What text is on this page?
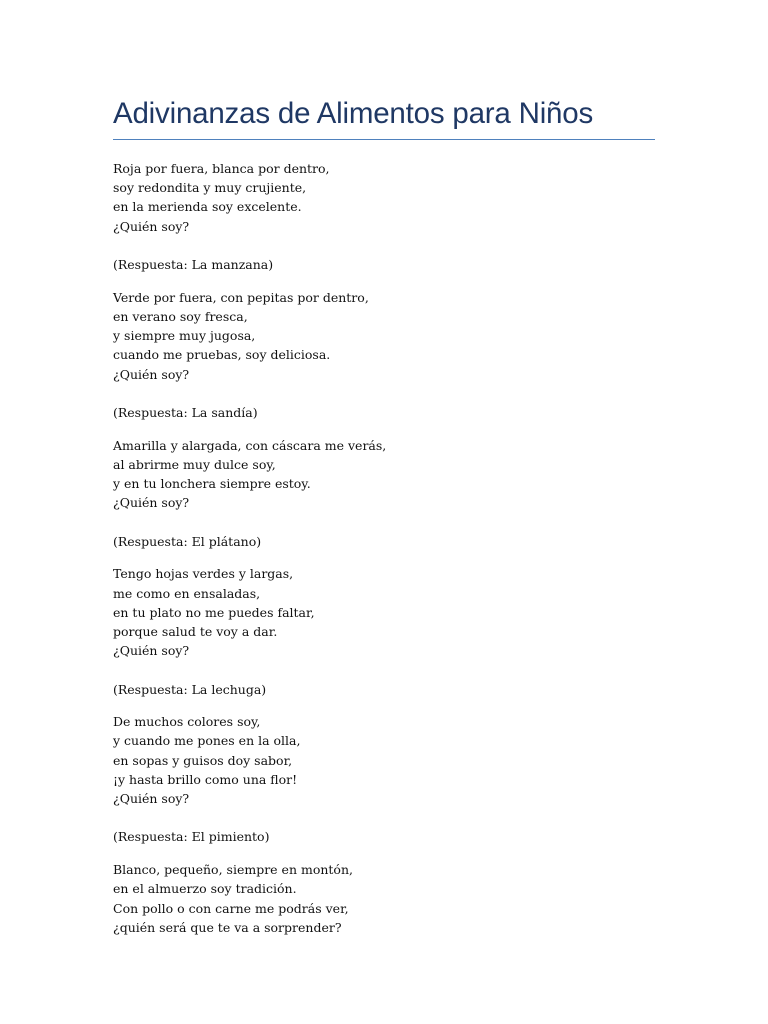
Adivinanzas de Alimentos para Niños
Roja por fuera, blanca por dentro,
soy redondita y muy crujiente,
en la merienda soy excelente.
¿Quién soy?
(Respuesta: La manzana)
Verde por fuera, con pepitas por dentro,
en verano soy fresca,
y siempre muy jugosa,
cuando me pruebas, soy deliciosa.
¿Quién soy?
(Respuesta: La sandía)
Amarilla y alargada, con cáscara me verás,
al abrirme muy dulce soy,
y en tu lonchera siempre estoy.
¿Quién soy?
(Respuesta: El plátano)
Tengo hojas verdes y largas,
me como en ensaladas,
en tu plato no me puedes faltar,
porque salud te voy a dar.
¿Quién soy?
(Respuesta: La lechuga)
De muchos colores soy,
y cuando me pones en la olla,
en sopas y guisos doy sabor,
¡y hasta brillo como una flor!
¿Quién soy?
(Respuesta: El pimiento)
Blanco, pequeño, siempre en montón,
en el almuerzo soy tradición.
Con pollo o con carne me podrás ver,
¿quién será que te va a sorprender?
